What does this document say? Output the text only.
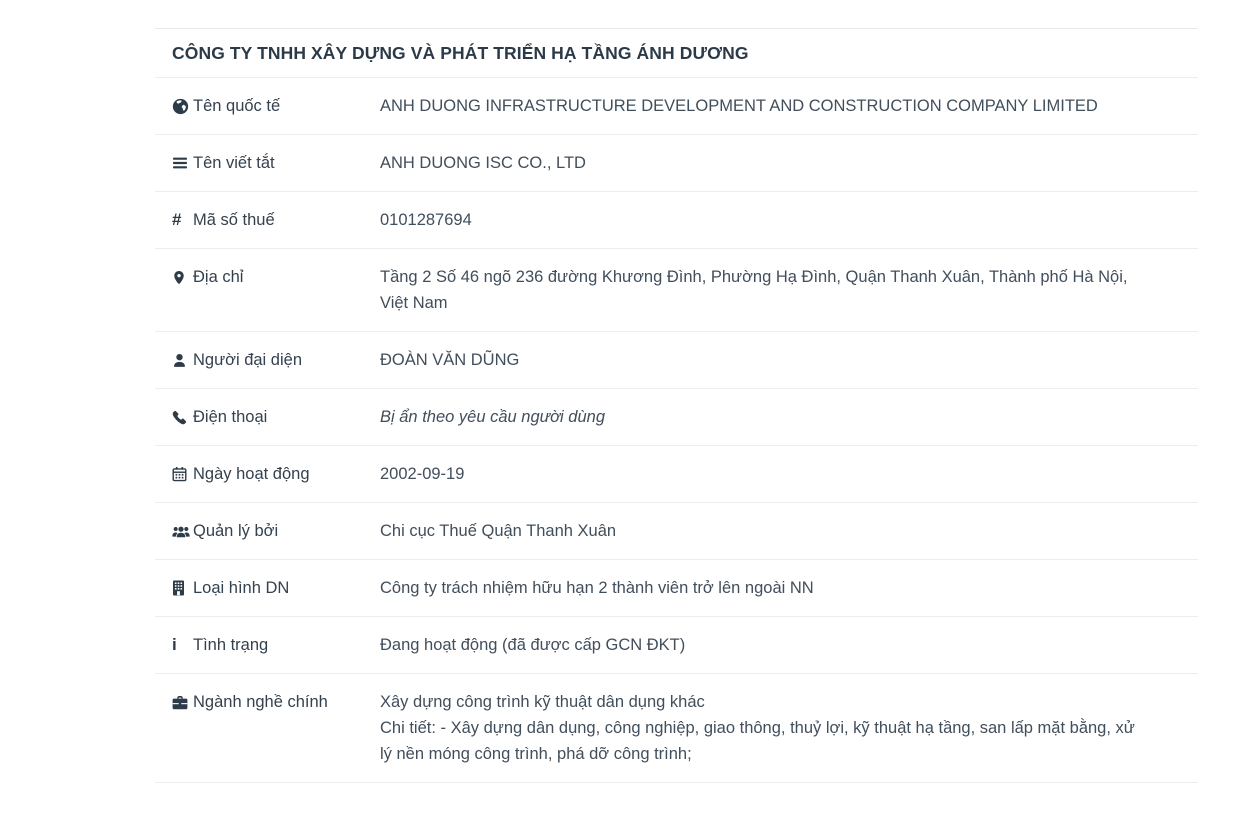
CÔNG TY TNHH XÂY DỰNG VÀ PHÁT TRIỂN HẠ TẦNG ÁNH DƯƠNG
Tên quốc tế	ANH DUONG INFRASTRUCTURE DEVELOPMENT AND CONSTRUCTION COMPANY LIMITED
Tên viết tắt	ANH DUONG ISC CO., LTD
# Mã số thuế	0101287694
Địa chỉ	Tầng 2 Số 46 ngõ 236 đường Khương Đình, Phường Hạ Đình, Quận Thanh Xuân, Thành phố Hà Nội, Việt Nam
Người đại diện	ĐOÀN VĂN DŨNG
Điện thoại	Bị ẩn theo yêu cầu người dùng
Ngày hoạt động	2002-09-19
Quản lý bởi	Chi cục Thuế Quận Thanh Xuân
Loại hình DN	Công ty trách nhiệm hữu hạn 2 thành viên trở lên ngoài NN
i Tình trạng	Đang hoạt động (đã được cấp GCN ĐKT)
Ngành nghề chính	Xây dựng công trình kỹ thuật dân dụng khác
Chi tiết: - Xây dựng dân dụng, công nghiệp, giao thông, thuỷ lợi, kỹ thuật hạ tầng, san lấp mặt bằng, xử lý nền móng công trình, phá dỡ công trình;
